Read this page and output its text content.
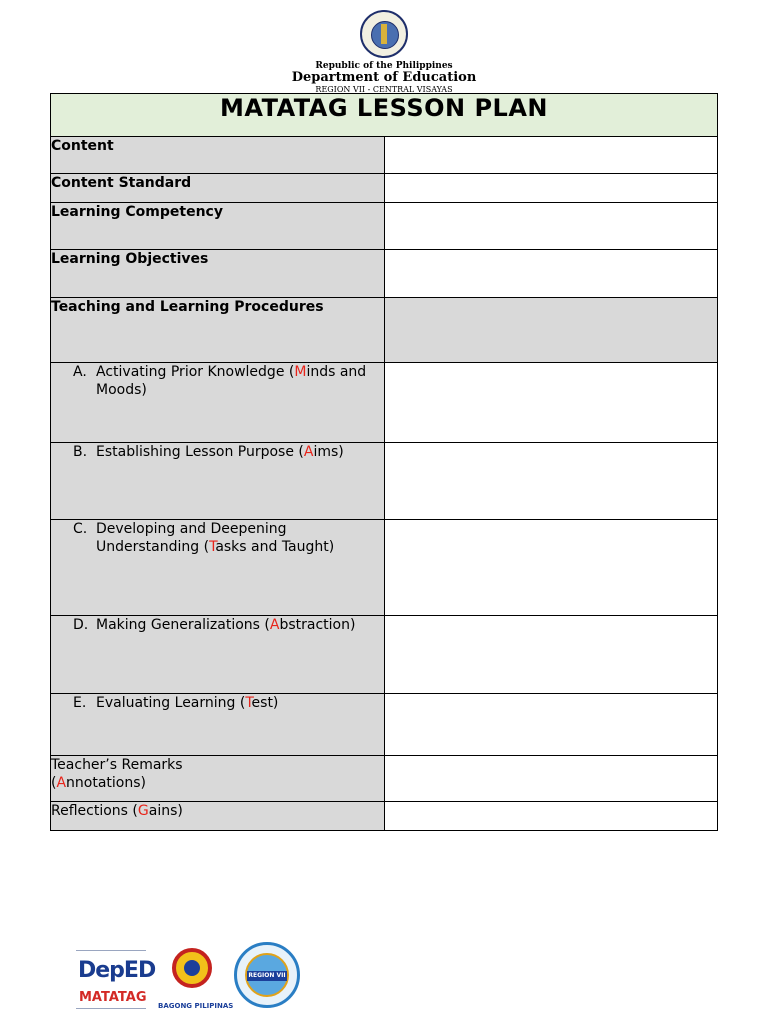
Republic of the Philippines
Department of Education
REGION VII - CENTRAL VISAYAS
MATATAG LESSON PLAN	
Content	
Content Standard	
Learning Competency	
Learning Objectives	
Teaching and Learning Procedures	

A. Activating Prior Knowledge (Minds and Moods)	

B. Establishing Lesson Purpose (Aims)	

C. Developing and Deepening Understanding (Tasks and Taught)	

D. Making Generalizations (Abstraction)	

E. Evaluating Learning (Test)	

Teacher’s Remarks
(Annotations)	
Reflections (Gains)	
DepED
MATATAG
BAGONG PILIPINAS
REGION VII
